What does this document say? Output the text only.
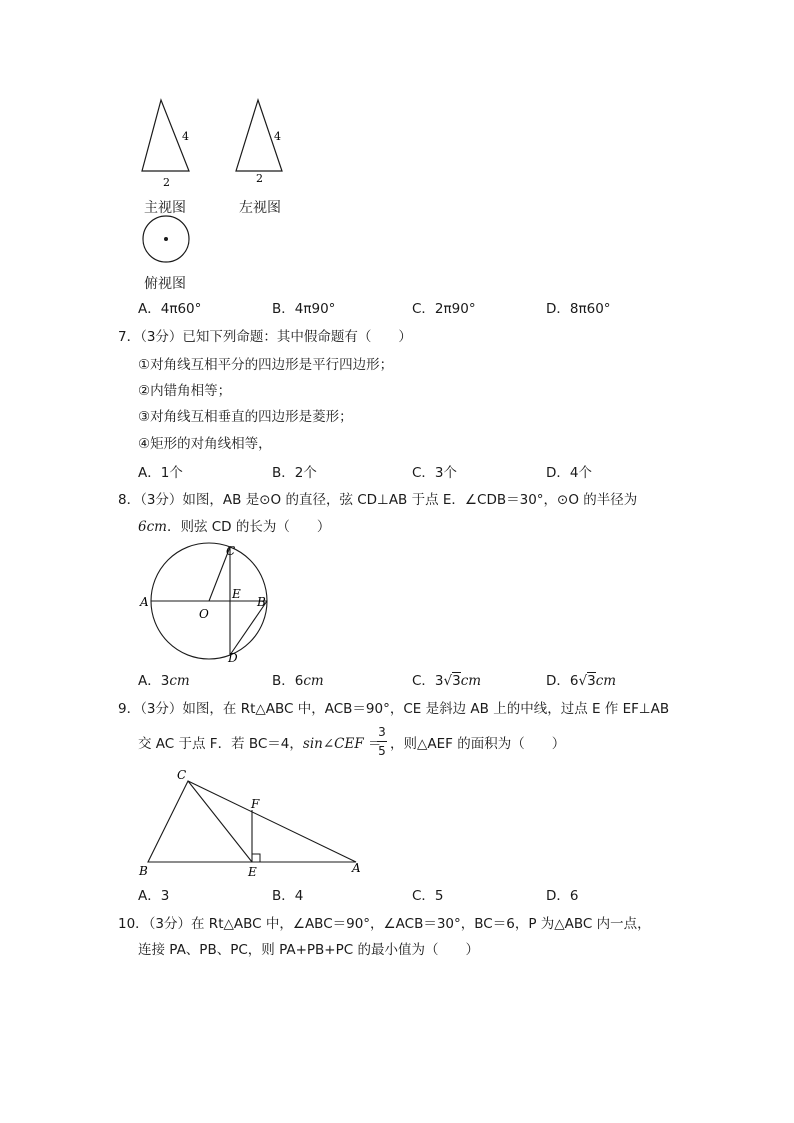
4
2
主视图
4
2
左视图
俯视图
A．4π60°	B．4π90°	C．2π90°	D．8π60°
7．（3分）已知下列命题：其中假命题有（　　）
①对角线互相平分的四边形是平行四边形；
②内错角相等；
③对角线互相垂直的四边形是菱形；
④矩形的对角线相等，
A．1个	B．2个	C．3个	D．4个
8．（3分）如图，AB 是⊙O 的直径，弦 CD⊥AB 于点 E．∠CDB＝30°，⊙O 的半径为
6cm．则弦 CD 的长为（　　）
A	B
C
D
E
O
A．3cm	B．6cm	C．3√3cm	D．6√3cm
9．（3分）如图，在 Rt△ABC 中，ACB＝90°，CE 是斜边 AB 上的中线，过点 E 作 EF⊥AB
交 AC 于点 F．若 BC＝4，sin∠CEF ＝
3
5 ，则△AEF 的面积为（　　）
C
B	E	A
F
A．3	B．4	C．5	D．6
10．（3分）在 Rt△ABC 中，∠ABC＝90°，∠ACB＝30°，BC＝6，P 为△ABC 内一点，
连接 PA、PB、PC，则 PA+PB+PC 的最小值为（　　）
